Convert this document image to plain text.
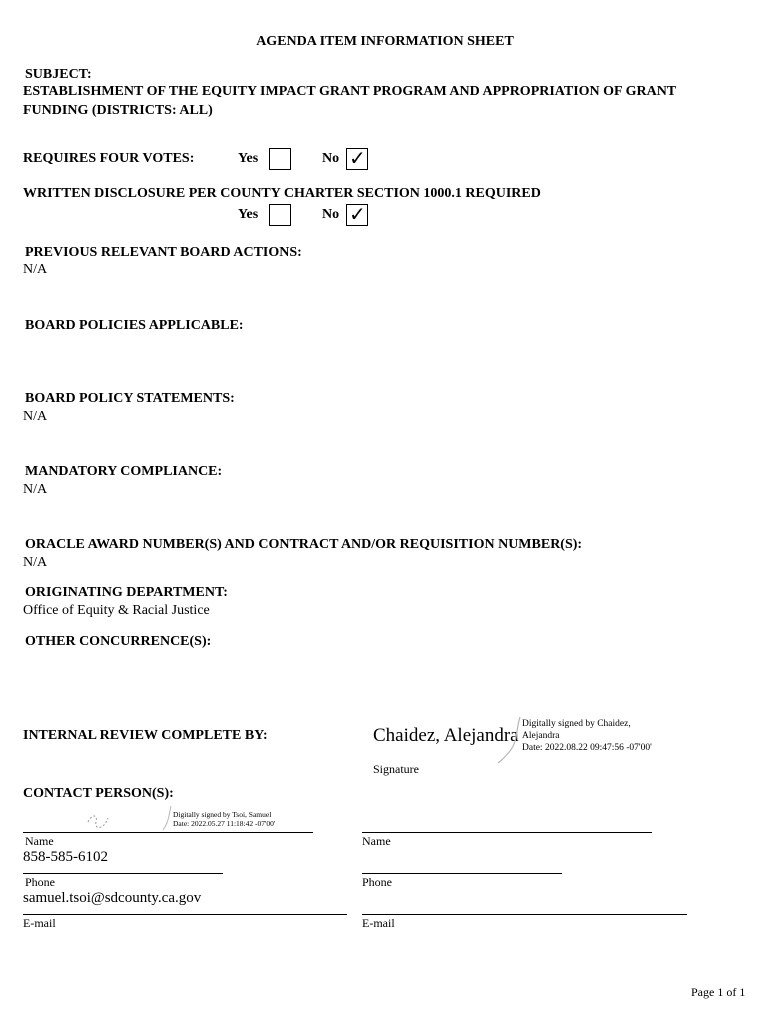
AGENDA ITEM INFORMATION SHEET
SUBJECT:
ESTABLISHMENT OF THE EQUITY IMPACT GRANT PROGRAM AND APPROPRIATION OF GRANT
FUNDING (DISTRICTS: ALL)
REQUIRES FOUR VOTES:	Yes	No ✓
WRITTEN DISCLOSURE PER COUNTY CHARTER SECTION 1000.1 REQUIRED
Yes	No ✓
PREVIOUS RELEVANT BOARD ACTIONS:
N/A
BOARD POLICIES APPLICABLE:
BOARD POLICY STATEMENTS:
N/A
MANDATORY COMPLIANCE:
N/A
ORACLE AWARD NUMBER(S) AND CONTRACT AND/OR REQUISITION NUMBER(S):
N/A
ORIGINATING DEPARTMENT:
Office of Equity & Racial Justice
OTHER CONCURRENCE(S):
INTERNAL REVIEW COMPLETE BY:	Chaidez, Alejandra
Digitally signed by Chaidez,
Alejandra
Date: 2022.08.22 09:47:56 -07'00'
Signature
CONTACT PERSON(S):
Digitally signed by Tsoi, Samuel
Date: 2022.05.27 11:18:42 -07'00'
Name
858-585-6102
Phone
samuel.tsoi@sdcounty.ca.gov
E-mail
Name
Phone
E-mail
Page 1 of 1
